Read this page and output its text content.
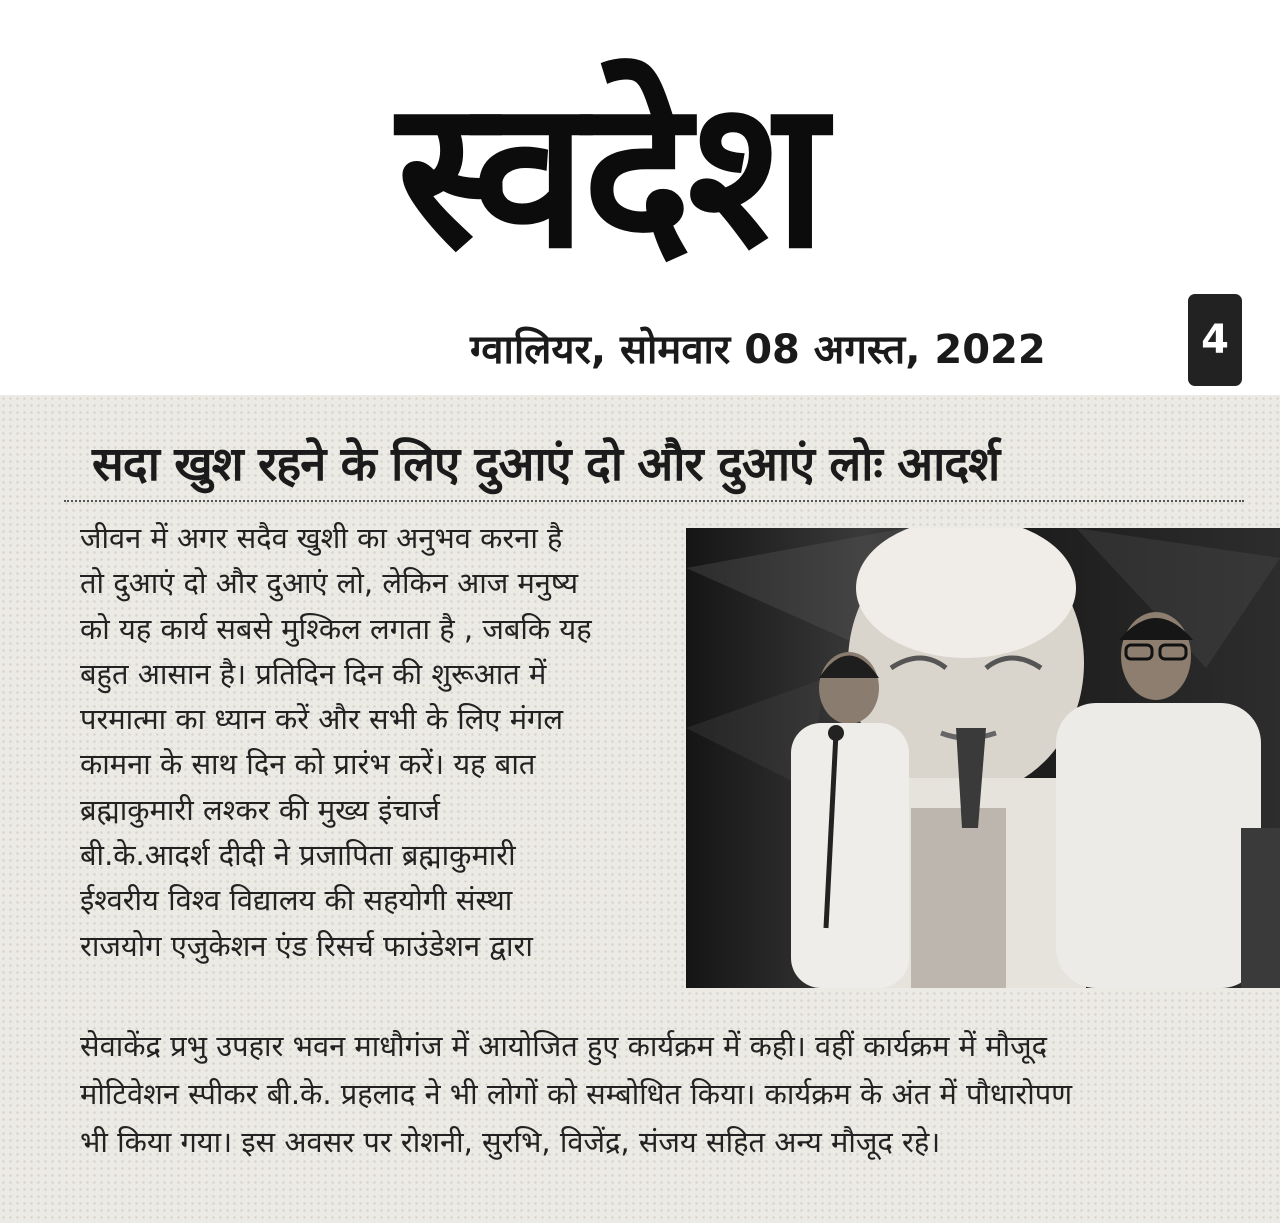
स्वदेश
ग्वालियर, सोमवार 08 अगस्त, 2022	4
सदा खुश रहने के लिए दुआएं दो और दुआएं लोः आदर्श
जीवन में अगर सदैव खुशी का अनुभव करना है
तो दुआएं दो और दुआएं लो, लेकिन आज मनुष्य
को यह कार्य सबसे मुश्किल लगता है , जबकि यह
बहुत आसान है। प्रतिदिन दिन की शुरूआत में
परमात्मा का ध्यान करें और सभी के लिए मंगल
कामना के साथ दिन को प्रारंभ करें। यह बात
ब्रह्माकुमारी लश्कर की मुख्य इंचार्ज
बी.के.आदर्श दीदी ने प्रजापिता ब्रह्माकुमारी
ईश्वरीय विश्व विद्यालय की सहयोगी संस्था
राजयोग एजुकेशन एंड रिसर्च फाउंडेशन द्वारा
सेवाकेंद्र प्रभु उपहार भवन माधौगंज में आयोजित हुए कार्यक्रम में कही। वहीं कार्यक्रम में मौजूद
मोटिवेशन स्पीकर बी.के. प्रहलाद ने भी लोगों को सम्बोधित किया। कार्यक्रम के अंत में पौधारोपण
भी किया गया। इस अवसर पर रोशनी, सुरभि, विजेंद्र, संजय सहित अन्य मौजूद रहे।
